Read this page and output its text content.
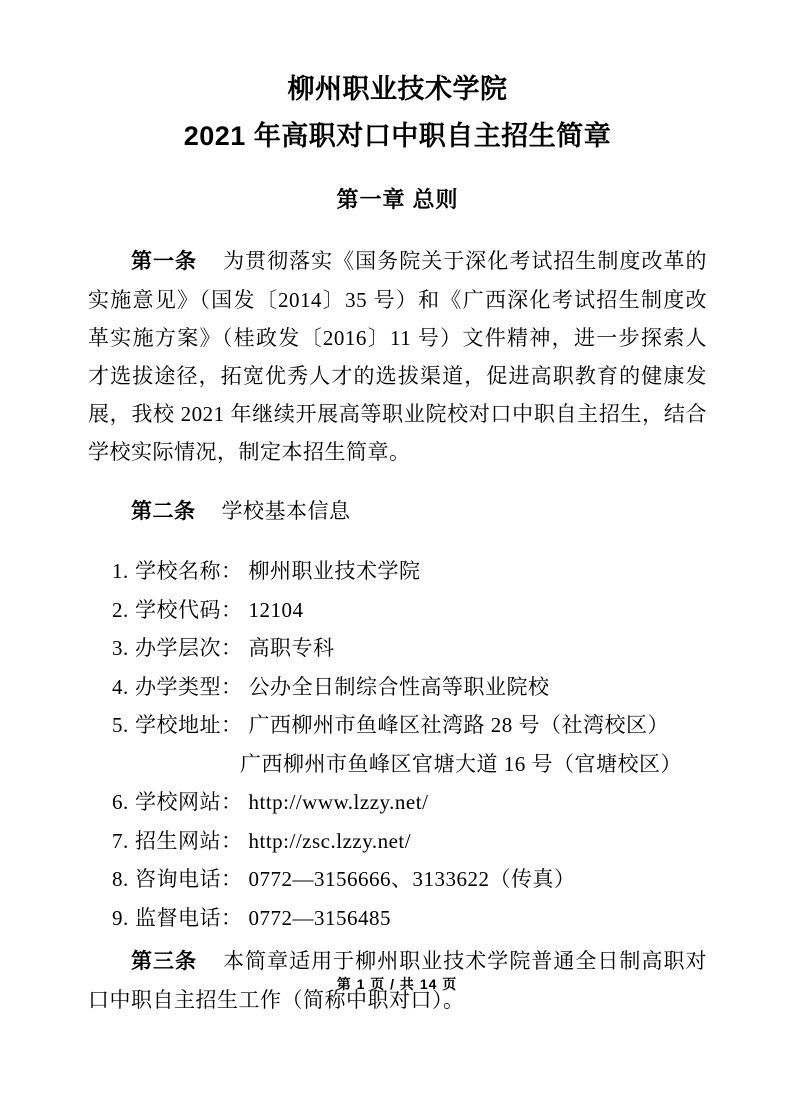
柳州职业技术学院
2021 年高职对口中职自主招生简章
第一章 总则

第一条 为贯彻落实《国务院关于深化考试招生制度改革的实施意见》（国发〔2014〕35 号）和《广西深化考试招生制度改革实施方案》（桂政发〔2016〕11 号）文件精神，进一步探索人才选拔途径，拓宽优秀人才的选拔渠道，促进高职教育的健康发展，我校 2021 年继续开展高等职业院校对口中职自主招生，结合学校实际情况，制定本招生简章。

第二条 学校基本信息

1. 学校名称： 柳州职业技术学院
2. 学校代码： 12104
3. 办学层次： 高职专科
4. 办学类型： 公办全日制综合性高等职业院校
5. 学校地址： 广西柳州市鱼峰区社湾路 28 号（社湾校区）
广西柳州市鱼峰区官塘大道 16 号（官塘校区）
6. 学校网站： http://www.lzzy.net/
7. 招生网站： http://zsc.lzzy.net/
8. 咨询电话： 0772—3156666、3133622（传真）
9. 监督电话： 0772—3156485

第三条 本简章适用于柳州职业技术学院普通全日制高职对口中职自主招生工作（简称中职对口）。

第 1 页 / 共 14 页
